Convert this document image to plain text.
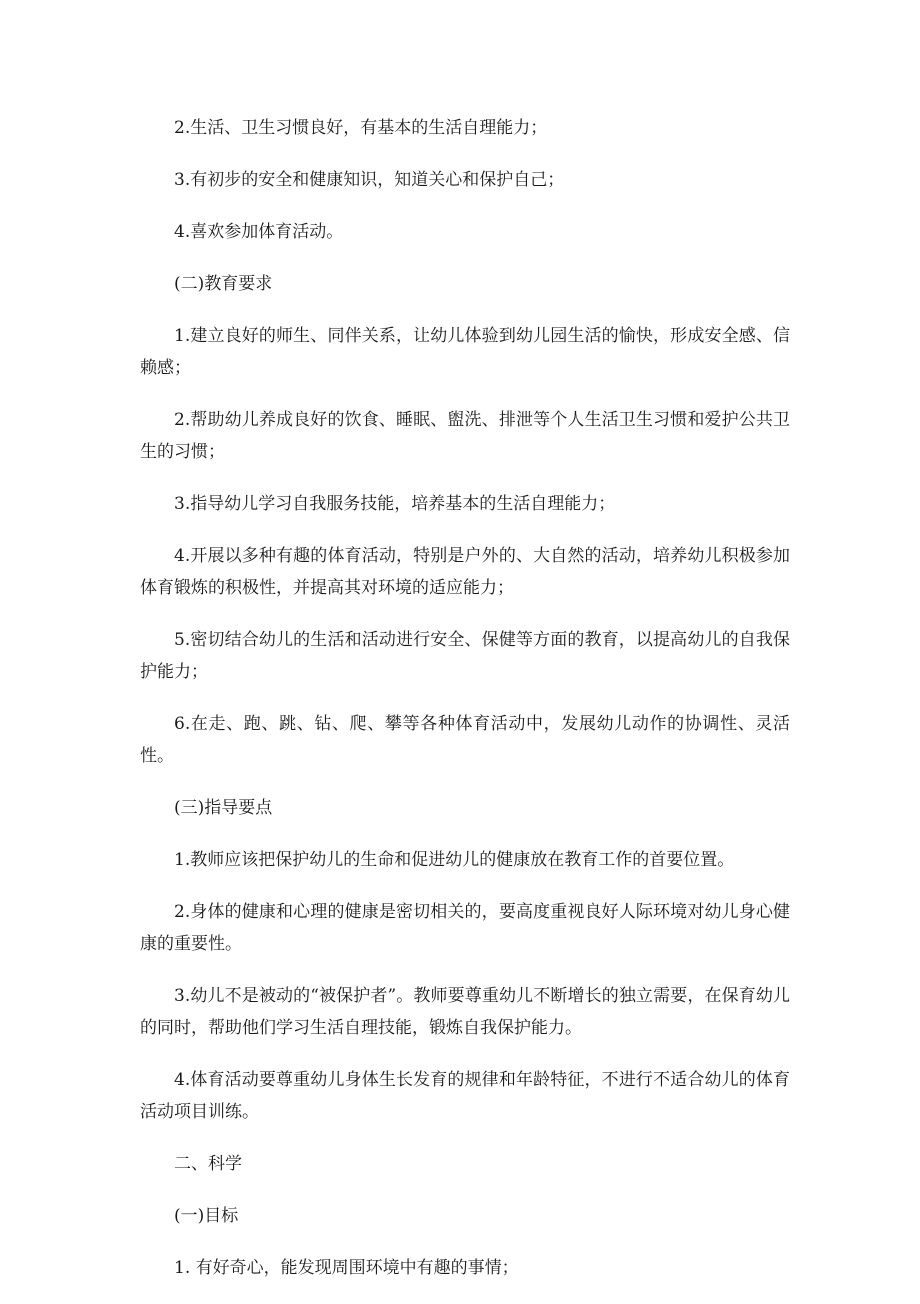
2.生活、卫生习惯良好，有基本的生活自理能力；

3.有初步的安全和健康知识，知道关心和保护自己；

4.喜欢参加体育活动。

(二)教育要求

1.建立良好的师生、同伴关系，让幼儿体验到幼儿园生活的愉快，形成安全感、信赖感；

2.帮助幼儿养成良好的饮食、睡眠、盥洗、排泄等个人生活卫生习惯和爱护公共卫生的习惯；

3.指导幼儿学习自我服务技能，培养基本的生活自理能力；

4.开展以多种有趣的体育活动，特别是户外的、大自然的活动，培养幼儿积极参加体育锻炼的积极性，并提高其对环境的适应能力；

5.密切结合幼儿的生活和活动进行安全、保健等方面的教育，以提高幼儿的自我保护能力；

6.在走、跑、跳、钻、爬、攀等各种体育活动中，发展幼儿动作的协调性、灵活性。

(三)指导要点

1.教师应该把保护幼儿的生命和促进幼儿的健康放在教育工作的首要位置。

2.身体的健康和心理的健康是密切相关的，要高度重视良好人际环境对幼儿身心健康的重要性。

3.幼儿不是被动的“被保护者”。教师要尊重幼儿不断增长的独立需要，在保育幼儿的同时，帮助他们学习生活自理技能，锻炼自我保护能力。

4.体育活动要尊重幼儿身体生长发育的规律和年龄特征，不进行不适合幼儿的体育活动项目训练。

二、科学

(一)目标

1. 有好奇心，能发现周围环境中有趣的事情；
